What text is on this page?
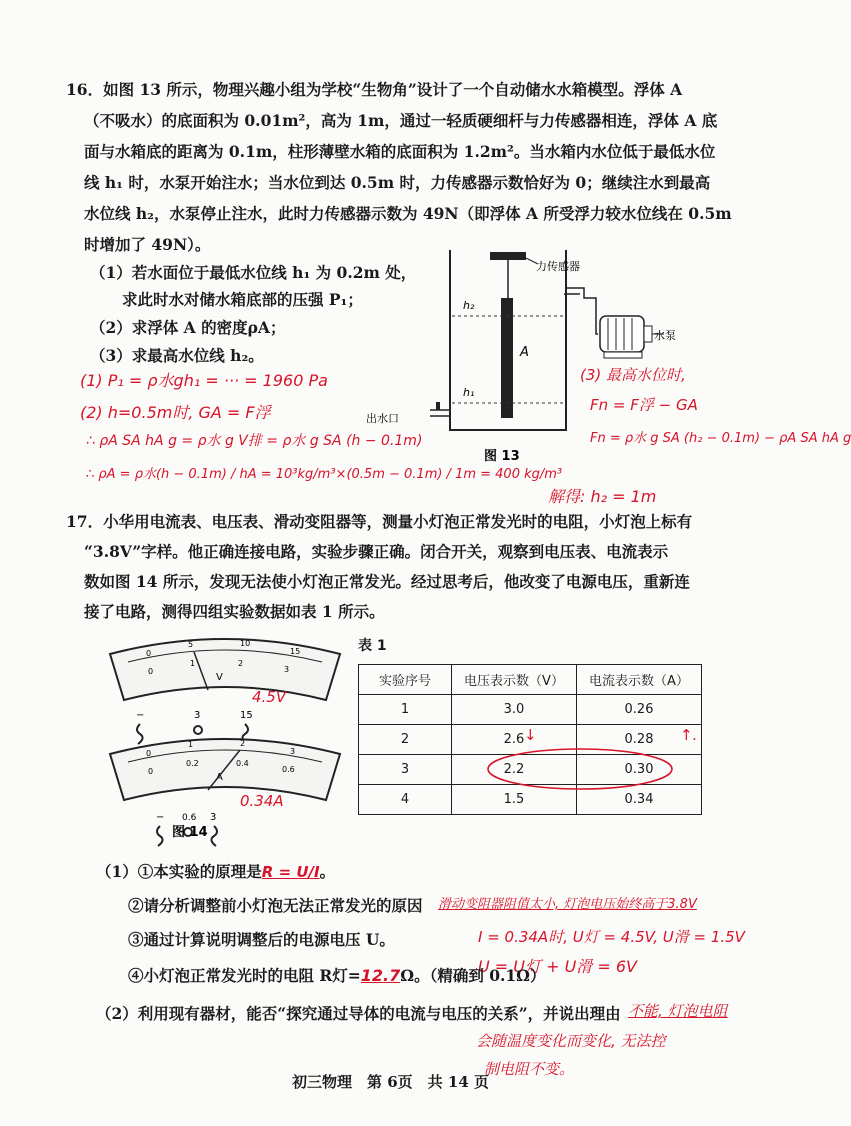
16．如图 13 所示，物理兴趣小组为学校“生物角”设计了一个自动储水水箱模型。浮体 A
（不吸水）的底面积为 0.01m²，高为 1m，通过一轻质硬细杆与力传感器相连，浮体 A 底
面与水箱底的距离为 0.1m，柱形薄壁水箱的底面积为 1.2m²。当水箱内水位低于最低水位
线 h₁ 时，水泵开始注水；当水位到达 0.5m 时，力传感器示数恰好为 0；继续注水到最高
水位线 h₂，水泵停止注水，此时力传感器示数为 49N（即浮体 A 所受浮力较水位线在 0.5m
时增加了 49N）。
（1）若水面位于最低水位线 h₁ 为 0.2m 处，
求此时水对储水箱底部的压强 P₁；
（2）求浮体 A 的密度ρA；
（3）求最高水位线 h₂。
力传感器
A
h₂
h₁
水泵
出水口
图 13
(1) P₁ = ρ水gh₁ = ··· = 1960 Pa
(2) h=0.5m时, GA = F浮
∴ ρA SA hA g = ρ水 g V排 = ρ水 g SA (h − 0.1m)
∴ ρA = ρ水(h − 0.1m) / hA = 10³kg/m³×(0.5m − 0.1m) / 1m = 400 kg/m³
(3) 最高水位时,
Fn = F浮 − GA
Fn = ρ水 g SA (h₂ − 0.1m) − ρA SA hA g
解得: h₂ = 1m
17．小华用电流表、电压表、滑动变阻器等，测量小灯泡正常发光时的电阻，小灯泡上标有
“3.8V”字样。他正确连接电路，实验步骤正确。闭合开关，观察到电压表、电流表示
数如图 14 所示，发现无法使小灯泡正常发光。经过思考后，他改变了电源电压，重新连
接了电路，测得四组实验数据如表 1 所示。
0
5	10
15
0
1	2
3
V
−	3	15
0
1	2
3
0
0.2	0.4
0.6
A
− 0.6 3
图 14
4.5V
0.34A
表 1
实验序号	电压表示数（V）	电流表示数（A）
1	3.0	0.26
2	2.6	0.28
3	2.2	0.30
4	1.5	0.34
↓	↑.
（1）①本实验的原理是R = U/I。
②请分析调整前小灯泡无法正常发光的原因 滑动变阻器阻值太小, 灯泡电压始终高于3.8V
③通过计算说明调整后的电源电压 U。	I = 0.34A时, U灯 = 4.5V, U滑 = 1.5V
U = U灯 + U滑 = 6V
④小灯泡正常发光时的电阻 R灯=12.7Ω。（精确到 0.1Ω）
（2）利用现有器材，能否“探究通过导体的电流与电压的关系”，并说出理由 不能, 灯泡电阻
会随温度变化而变化, 无法控
制电阻不变。
初三物理　第 6页　共 14 页
